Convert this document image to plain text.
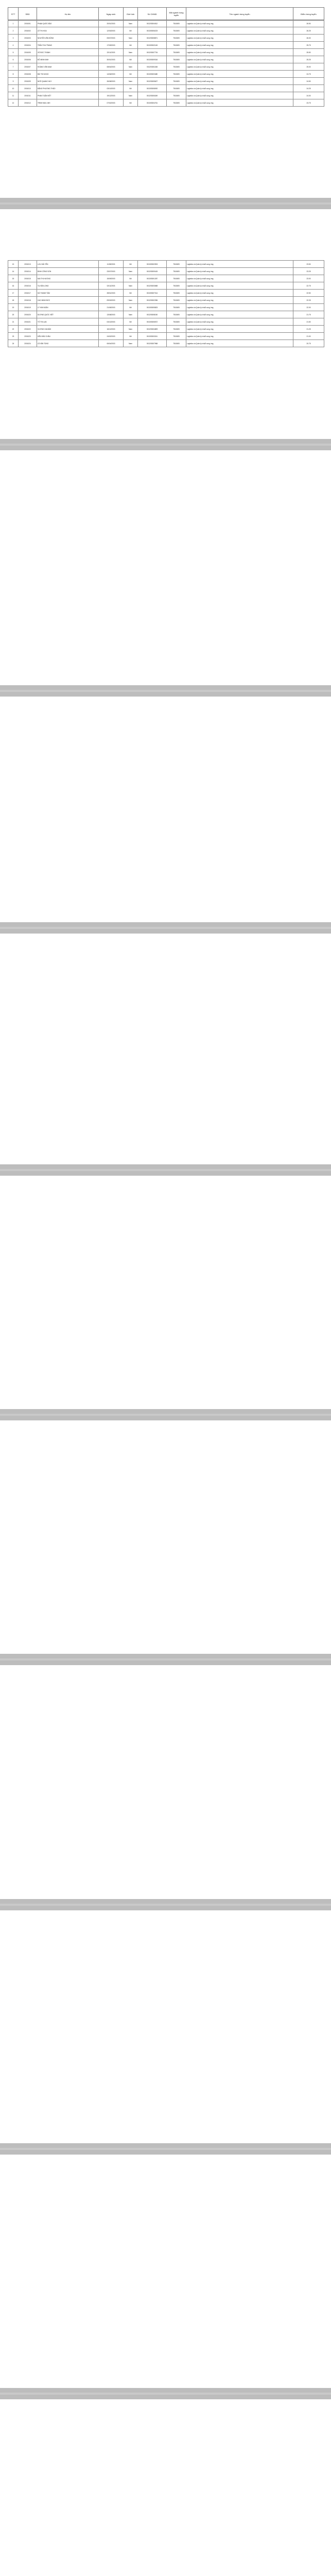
STT	SBD	Họ tên	Ngày sinh	Giới tính	Số CMND	Mã ngành trúng tuyển	Tên ngành trúng tuyển	Điểm trúng tuyển
1	2001001	PHẠM QUỐC BẢO	20/01/2003	Nam	001203004512	7510605	Logistics và Quản lý chuỗi cung ứng	26.50
2	2001002	LÊ THỊ HOA	12/03/2003	Nữ	001303006223	7510605	Logistics và Quản lý chuỗi cung ứng	26.25
3	2001003	NGUYỄN VĂN DŨNG	05/07/2003	Nam	001203008871	7510605	Logistics và Quản lý chuỗi cung ứng	26.00
4	2001004	TRẦN THU TRANG	17/09/2003	Nữ	001303002145	7510605	Logistics và Quản lý chuỗi cung ứng	25.75
5	2001005	VŨ ĐỨC THÀNH	22/11/2003	Nam	001203007734	7510605	Logistics và Quản lý chuỗi cung ứng	25.50
6	2001006	ĐỖ MINH ANH	30/01/2003	Nữ	001303009316	7510605	Logistics và Quản lý chuỗi cung ứng	25.25
7	2001007	HOÀNG VĂN NAM	08/04/2003	Nam	001203001158	7510605	Logistics và Quản lý chuỗi cung ứng	25.00
8	2001008	BÙI THỊ NGỌC	14/06/2003	Nữ	001303003480	7510605	Logistics và Quản lý chuỗi cung ứng	24.75
9	2001009	NGÔ QUANG HUY	26/08/2003	Nam	001203005627	7510605	Logistics và Quản lý chuỗi cung ứng	24.50
10	2001010	ĐẶNG PHƯƠNG THẢO	03/10/2003	Nữ	001303008092	7510605	Logistics và Quản lý chuỗi cung ứng	24.25
11	2001011	PHAN TUẤN KIỆT	19/12/2003	Nam	001203006349	7510605	Logistics và Quản lý chuỗi cung ứng	24.00
12	2001012	TRỊNH MAI LINH	07/02/2003	Nữ	001303004761	7510605	Logistics và Quản lý chuỗi cung ứng	23.75
13	2001013	LƯU HẢI YẾN	11/05/2003	Nữ	001303002903	7510605	Logistics và Quản lý chuỗi cung ứng	23.50
14	2001014	ĐINH CÔNG SƠN	23/07/2003	Nam	001203009415	7510605	Logistics và Quản lý chuỗi cung ứng	23.25
15	2001015	MAI THỊ HƯƠNG	15/09/2003	Nữ	001303001287	7510605	Logistics và Quản lý chuỗi cung ứng	23.00
16	2001016	TẠ VĂN LONG	02/11/2003	Nam	001203003658	7510605	Logistics và Quản lý chuỗi cung ứng	22.75
17	2001017	HÀ THANH TÂM	28/01/2003	Nữ	001303007014	7510605	Logistics và Quản lý chuỗi cung ứng	22.50
18	2001018	CAO MINH ĐỨC	09/03/2003	Nam	001203002396	7510605	Logistics và Quản lý chuỗi cung ứng	22.25
19	2001019	LÝ KIM NGÂN	21/05/2003	Nữ	001303005823	7510605	Logistics và Quản lý chuỗi cung ứng	22.00
20	2001020	DƯƠNG QUỐC VIỆT	13/08/2003	Nam	001203008150	7510605	Logistics và Quản lý chuỗi cung ứng	21.75
21	2001021	TÔ THỊ LAN	04/10/2003	Nữ	001303006572	7510605	Logistics và Quản lý chuỗi cung ứng	21.50
22	2001022	VƯƠNG GIA BẢO	16/12/2003	Nam	001203004809	7510605	Logistics và Quản lý chuỗi cung ứng	21.25
23	2001023	KIỀU BẢO CHÂU	24/02/2003	Nữ	001303003241	7510605	Logistics và Quản lý chuỗi cung ứng	21.00
24	2001024	LÃ VĂN TÙNG	06/04/2003	Nam	001203007968	7510605	Logistics và Quản lý chuỗi cung ứng	20.75
